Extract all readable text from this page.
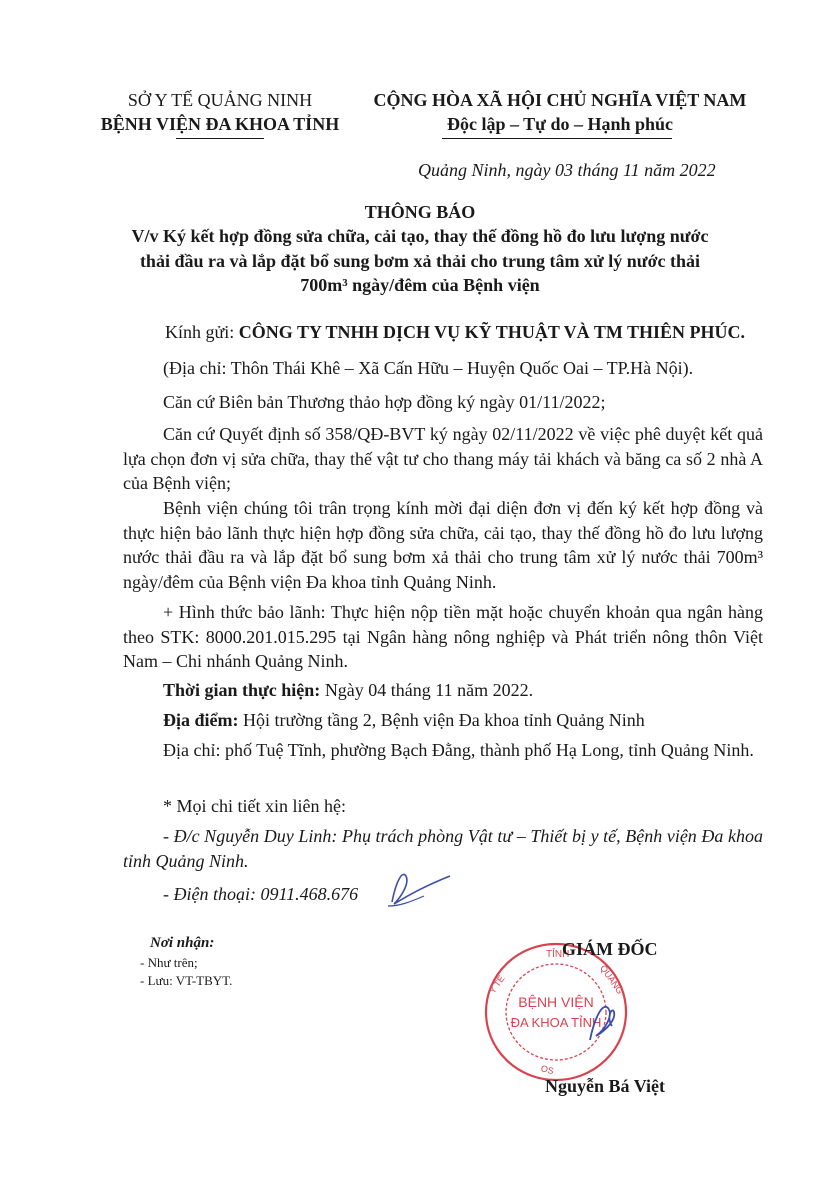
SỞ Y TẾ QUẢNG NINH
BỆNH VIỆN ĐA KHOA TỈNH
CỘNG HÒA XÃ HỘI CHỦ NGHĨA VIỆT NAM
Độc lập – Tự do – Hạnh phúc
Quảng Ninh, ngày 03 tháng 11 năm 2022
THÔNG BÁO
V/v Ký kết hợp đồng sửa chữa, cải tạo, thay thế đồng hồ đo lưu lượng nước
thải đầu ra và lắp đặt bổ sung bơm xả thải cho trung tâm xử lý nước thải
700m³ ngày/đêm của Bệnh viện
Kính gửi: CÔNG TY TNHH DỊCH VỤ KỸ THUẬT VÀ TM THIÊN PHÚC.
(Địa chỉ: Thôn Thái Khê – Xã Cấn Hữu – Huyện Quốc Oai – TP.Hà Nội).
Căn cứ Biên bản Thương thảo hợp đồng ký ngày 01/11/2022;
Căn cứ Quyết định số 358/QĐ-BVT ký ngày 02/11/2022 về việc phê duyệt kết quả lựa chọn đơn vị sửa chữa, thay thế vật tư cho thang máy tải khách và băng ca số 2 nhà A của Bệnh viện;
Bệnh viện chúng tôi trân trọng kính mời đại diện đơn vị đến ký kết hợp đồng và thực hiện bảo lãnh thực hiện hợp đồng sửa chữa, cải tạo, thay thế đồng hồ đo lưu lượng nước thải đầu ra và lắp đặt bổ sung bơm xả thải cho trung tâm xử lý nước thải 700m³ ngày/đêm của Bệnh viện Đa khoa tỉnh Quảng Ninh.
+ Hình thức bảo lãnh: Thực hiện nộp tiền mặt hoặc chuyển khoản qua ngân hàng theo STK: 8000.201.015.295 tại Ngân hàng nông nghiệp và Phát triển nông thôn Việt Nam – Chi nhánh Quảng Ninh.
Thời gian thực hiện: Ngày 04 tháng 11 năm 2022.
Địa điểm: Hội trường tầng 2, Bệnh viện Đa khoa tỉnh Quảng Ninh
Địa chỉ: phố Tuệ Tĩnh, phường Bạch Đằng, thành phố Hạ Long, tỉnh Quảng Ninh.
* Mọi chi tiết xin liên hệ:
- Đ/c Nguyễn Duy Linh: Phụ trách phòng Vật tư – Thiết bị y tế, Bệnh viện Đa khoa tỉnh Quảng Ninh.
- Điện thoại: 0911.468.676
Nơi nhận:
- Như trên;
- Lưu: VT-TBYT.
BỆNH VIỆN
ĐA KHOA TỈNH
TỈNH
Y TẾ	QUẢNG
OS
GIÁM ĐỐC
Nguyễn Bá Việt
